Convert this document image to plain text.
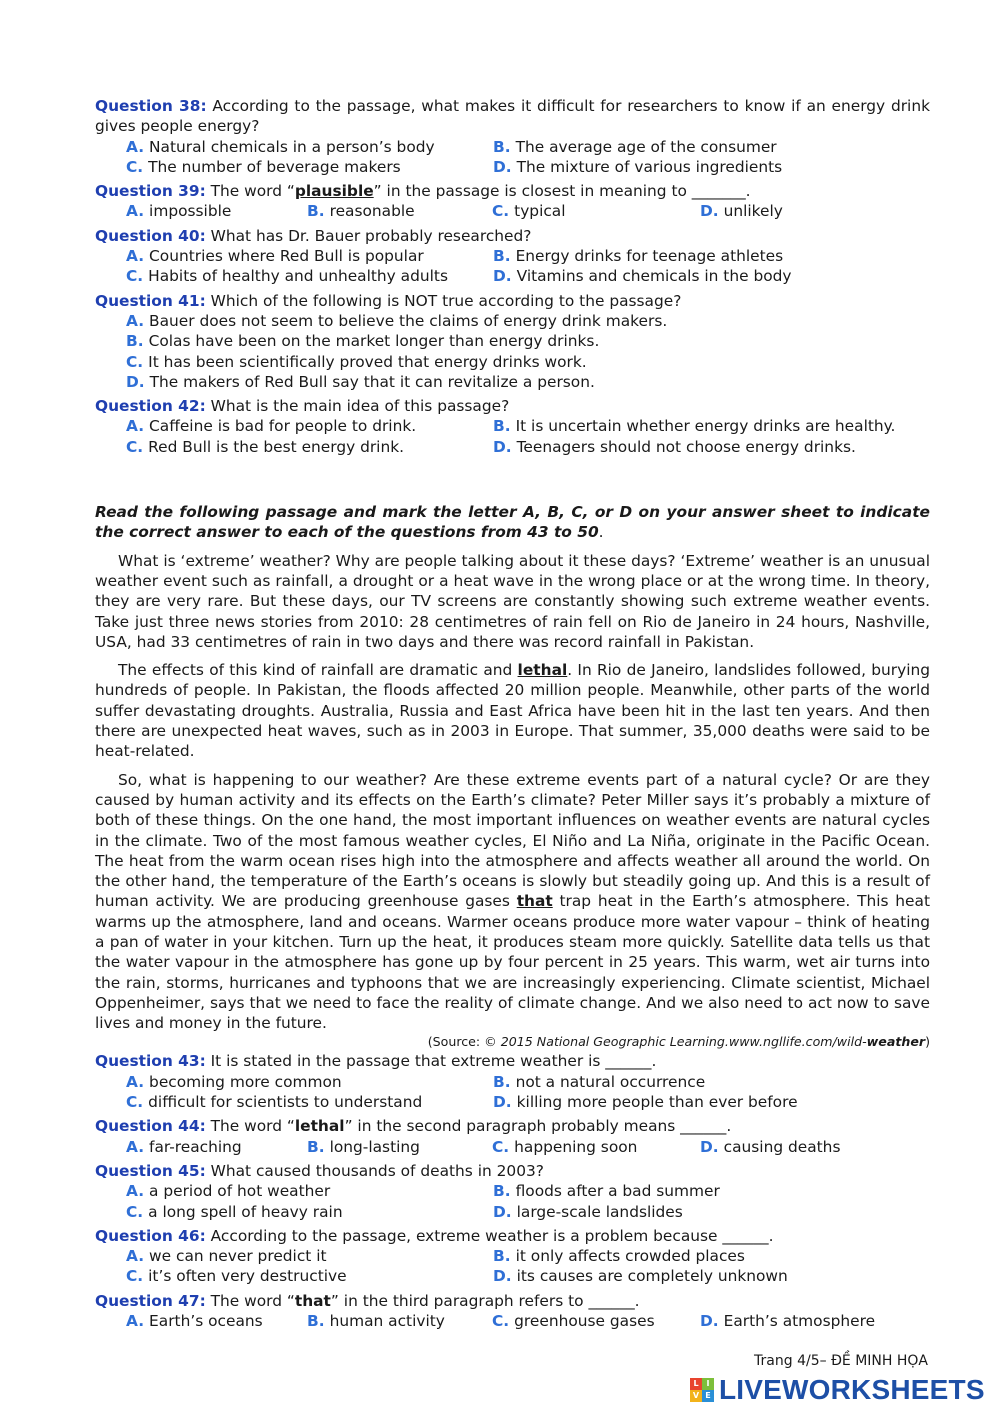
Question 38: According to the passage, what makes it difficult for researchers to know if an energy drink gives people energy?
A. Natural chemicals in a person’s body	B. The average age of the consumer
C. The number of beverage makers	D. The mixture of various ingredients
Question 39: The word “plausible” in the passage is closest in meaning to _______.
A. impossible	B. reasonable	C. typical	D. unlikely
Question 40: What has Dr. Bauer probably researched?
A. Countries where Red Bull is popular	B. Energy drinks for teenage athletes
C. Habits of healthy and unhealthy adults	D. Vitamins and chemicals in the body
Question 41: Which of the following is NOT true according to the passage?
A. Bauer does not seem to believe the claims of energy drink makers.
B. Colas have been on the market longer than energy drinks.
C. It has been scientifically proved that energy drinks work.
D. The makers of Red Bull say that it can revitalize a person.
Question 42: What is the main idea of this passage?
A. Caffeine is bad for people to drink.	B. It is uncertain whether energy drinks are healthy.
C. Red Bull is the best energy drink.	D. Teenagers should not choose energy drinks.
Read the following passage and mark the letter A, B, C, or D on your answer sheet to indicate the correct answer to each of the questions from 43 to 50.
What is ‘extreme’ weather? Why are people talking about it these days? ‘Extreme’ weather is an unusual weather event such as rainfall, a drought or a heat wave in the wrong place or at the wrong time. In theory, they are very rare. But these days, our TV screens are constantly showing such extreme weather events. Take just three news stories from 2010: 28 centimetres of rain fell on Rio de Janeiro in 24 hours, Nashville, USA, had 33 centimetres of rain in two days and there was record rainfall in Pakistan.
The effects of this kind of rainfall are dramatic and lethal. In Rio de Janeiro, landslides followed, burying hundreds of people. In Pakistan, the floods affected 20 million people. Meanwhile, other parts of the world suffer devastating droughts. Australia, Russia and East Africa have been hit in the last ten years. And then there are unexpected heat waves, such as in 2003 in Europe. That summer, 35,000 deaths were said to be heat-related.
So, what is happening to our weather? Are these extreme events part of a natural cycle? Or are they caused by human activity and its effects on the Earth’s climate? Peter Miller says it’s probably a mixture of both of these things. On the one hand, the most important influences on weather events are natural cycles in the climate. Two of the most famous weather cycles, El Niño and La Niña, originate in the Pacific Ocean. The heat from the warm ocean rises high into the atmosphere and affects weather all around the world. On the other hand, the temperature of the Earth’s oceans is slowly but steadily going up. And this is a result of human activity. We are producing greenhouse gases that trap heat in the Earth’s atmosphere. This heat warms up the atmosphere, land and oceans. Warmer oceans produce more water vapour – think of heating a pan of water in your kitchen. Turn up the heat, it produces steam more quickly. Satellite data tells us that the water vapour in the atmosphere has gone up by four percent in 25 years. This warm, wet air turns into the rain, storms, hurricanes and typhoons that we are increasingly experiencing. Climate scientist, Michael Oppenheimer, says that we need to face the reality of climate change. And we also need to act now to save lives and money in the future.
(Source: © 2015 National Geographic Learning.www.ngllife.com/wild-weather)
Question 43: It is stated in the passage that extreme weather is ______.
A. becoming more common	B. not a natural occurrence
C. difficult for scientists to understand	D. killing more people than ever before
Question 44: The word “lethal” in the second paragraph probably means ______.
A. far-reaching	B. long-lasting	C. happening soon	D. causing deaths
Question 45: What caused thousands of deaths in 2003?
A. a period of hot weather	B. floods after a bad summer
C. a long spell of heavy rain	D. large-scale landslides
Question 46: According to the passage, extreme weather is a problem because ______.
A. we can never predict it	B. it only affects crowded places
C. it’s often very destructive	D. its causes are completely unknown
Question 47: The word “that” in the third paragraph refers to ______.
A. Earth’s oceans	B. human activity	C. greenhouse gases	D. Earth’s atmosphere
Trang 4/5– ĐỀ MINH HỌA
L I
V E LIVEWORKSHEETS
